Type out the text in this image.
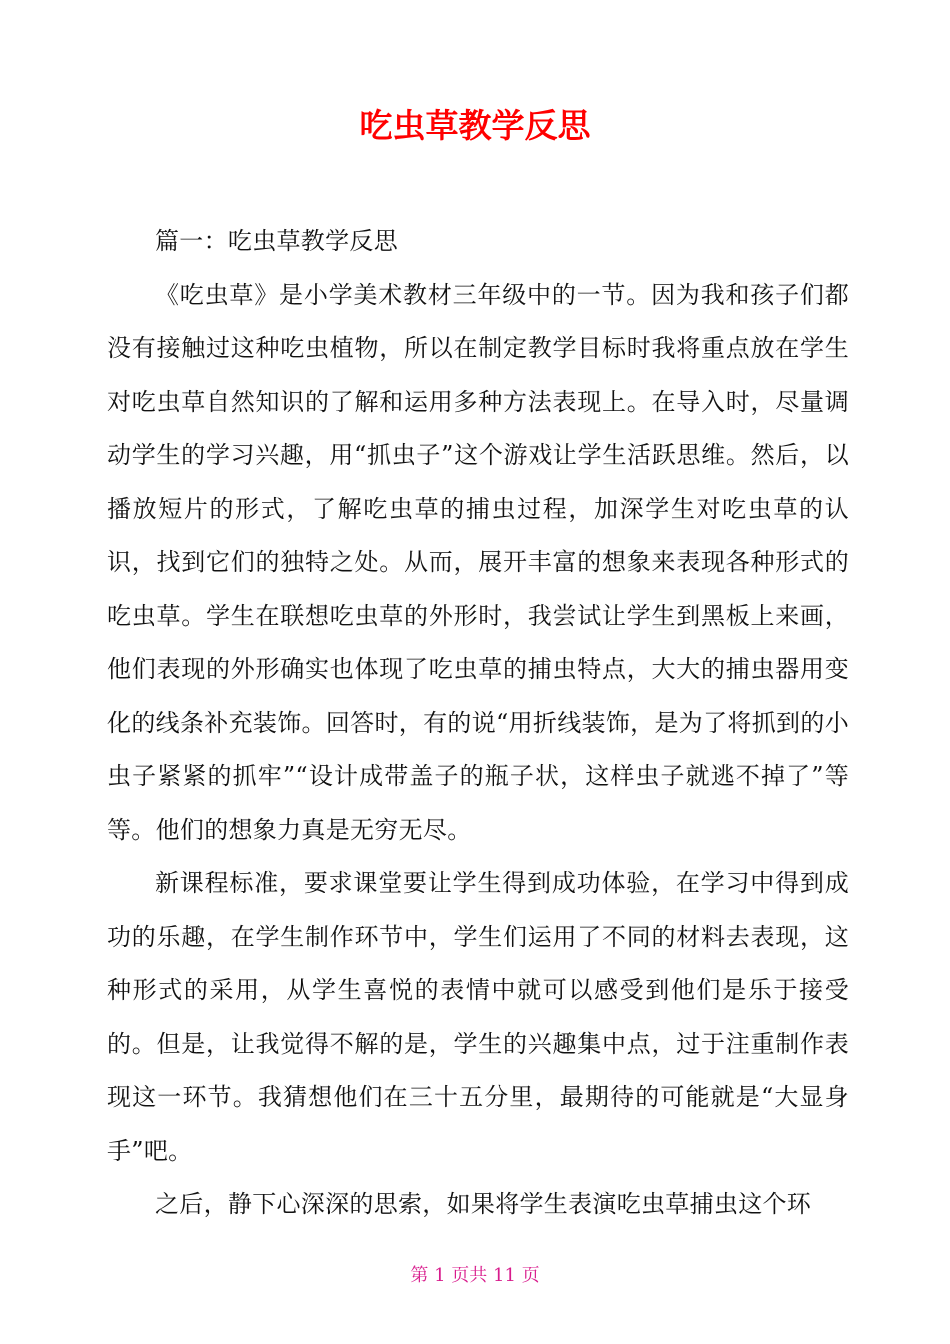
吃虫草教学反思

篇一：吃虫草教学反思

《吃虫草》是小学美术教材三年级中的一节。因为我和孩子们都没有接触过这种吃虫植物，所以在制定教学目标时我将重点放在学生对吃虫草自然知识的了解和运用多种方法表现上。在导入时，尽量调动学生的学习兴趣，用“抓虫子”这个游戏让学生活跃思维。然后，以播放短片的形式，了解吃虫草的捕虫过程，加深学生对吃虫草的认识，找到它们的独特之处。从而，展开丰富的想象来表现各种形式的吃虫草。学生在联想吃虫草的外形时，我尝试让学生到黑板上来画，他们表现的外形确实也体现了吃虫草的捕虫特点，大大的捕虫器用变化的线条补充装饰。回答时，有的说“用折线装饰，是为了将抓到的小虫子紧紧的抓牢”“设计成带盖子的瓶子状，这样虫子就逃不掉了”等等。他们的想象力真是无穷无尽。

新课程标准，要求课堂要让学生得到成功体验，在学习中得到成功的乐趣，在学生制作环节中，学生们运用了不同的材料去表现，这种形式的采用，从学生喜悦的表情中就可以感受到他们是乐于接受的。但是，让我觉得不解的是，学生的兴趣集中点，过于注重制作表现这一环节。我猜想他们在三十五分里，最期待的可能就是“大显身手”吧。

之后，静下心深深的思索，如果将学生表演吃虫草捕虫这个环

第 1 页共 11 页
